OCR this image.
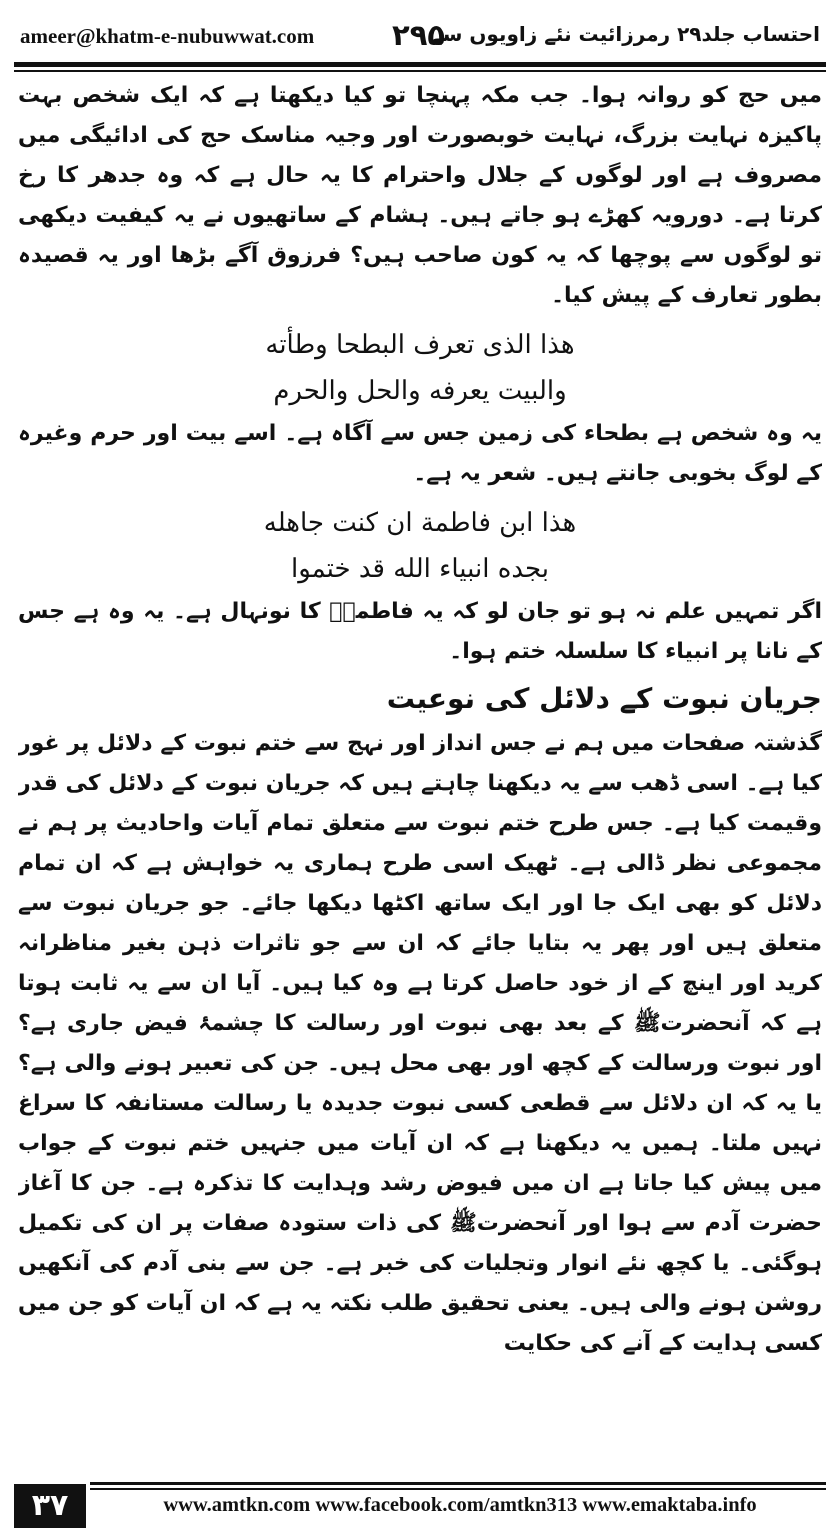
ameer@khatm-e-nubuwwat.com	۲۹۵
احتساب جلد۲۹ رمرزائیت نئے زاویوں سے

میں حج کو روانہ ہوا۔ جب مکہ پہنچا تو کیا دیکھتا ہے کہ ایک شخص بہت پاکیزہ نہایت بزرگ، نہایت خوبصورت اور وجیہ مناسک حج کی ادائیگی میں مصروف ہے اور لوگوں کے جلال واحترام کا یہ حال ہے کہ وہ جدھر کا رخ کرتا ہے۔ دورویہ کھڑے ہو جاتے ہیں۔ ہشام کے ساتھیوں نے یہ کیفیت دیکھی تو لوگوں سے پوچھا کہ یہ کون صاحب ہیں؟ فرزوق آگے بڑھا اور یہ قصیدہ بطور تعارف کے پیش کیا۔

ھذا الذی تعرف البطحا وطأته

والبیت یعرفه والحل والحرم

یہ وہ شخص ہے بطحاء کی زمین جس سے آگاہ ہے۔ اسے بیت اور حرم وغیرہ کے لوگ بخوبی جانتے ہیں۔ شعر یہ ہے۔

ھذا ابن فاطمة ان کنت جاھله

بجده انبیاء الله قد ختموا

اگر تمہیں علم نہ ہو تو جان لو کہ یہ فاطمہؓ کا نونہال ہے۔ یہ وہ ہے جس کے نانا پر انبیاء کا سلسلہ ختم ہوا۔

جریان نبوت کے دلائل کی نوعیت

گذشتہ صفحات میں ہم نے جس انداز اور نہج سے ختم نبوت کے دلائل پر غور کیا ہے۔ اسی ڈھب سے یہ دیکھنا چاہتے ہیں کہ جریان نبوت کے دلائل کی قدر وقیمت کیا ہے۔ جس طرح ختم نبوت سے متعلق تمام آیات واحادیث پر ہم نے مجموعی نظر ڈالی ہے۔ ٹھیک اسی طرح ہماری یہ خواہش ہے کہ ان تمام دلائل کو بھی ایک جا اور ایک ساتھ اکٹھا دیکھا جائے۔ جو جریان نبوت سے متعلق ہیں اور پھر یہ بتایا جائے کہ ان سے جو تاثرات ذہن بغیر مناظرانہ کرید اور اینچ کے از خود حاصل کرتا ہے وہ کیا ہیں۔ آیا ان سے یہ ثابت ہوتا ہے کہ آنحضرتﷺ کے بعد بھی نبوت اور رسالت کا چشمۂ فیض جاری ہے؟ اور نبوت ورسالت کے کچھ اور بھی محل ہیں۔ جن کی تعبیر ہونے والی ہے؟ یا یہ کہ ان دلائل سے قطعی کسی نبوت جدیدہ یا رسالت مستانفہ کا سراغ نہیں ملتا۔ ہمیں یہ دیکھنا ہے کہ ان آیات میں جنہیں ختم نبوت کے جواب میں پیش کیا جاتا ہے ان میں فیوض رشد وہدایت کا تذکرہ ہے۔ جن کا آغاز حضرت آدم سے ہوا اور آنحضرتﷺ کی ذات ستودہ صفات پر ان کی تکمیل ہوگئی۔ یا کچھ نئے انوار وتجلیات کی خبر ہے۔ جن سے بنی آدم کی آنکھیں روشن ہونے والی ہیں۔ یعنی تحقیق طلب نکتہ یہ ہے کہ ان آیات کو جن میں کسی ہدایت کے آنے کی حکایت

۳۷	www.amtkn.com www.facebook.com/amtkn313 www.emaktaba.info
